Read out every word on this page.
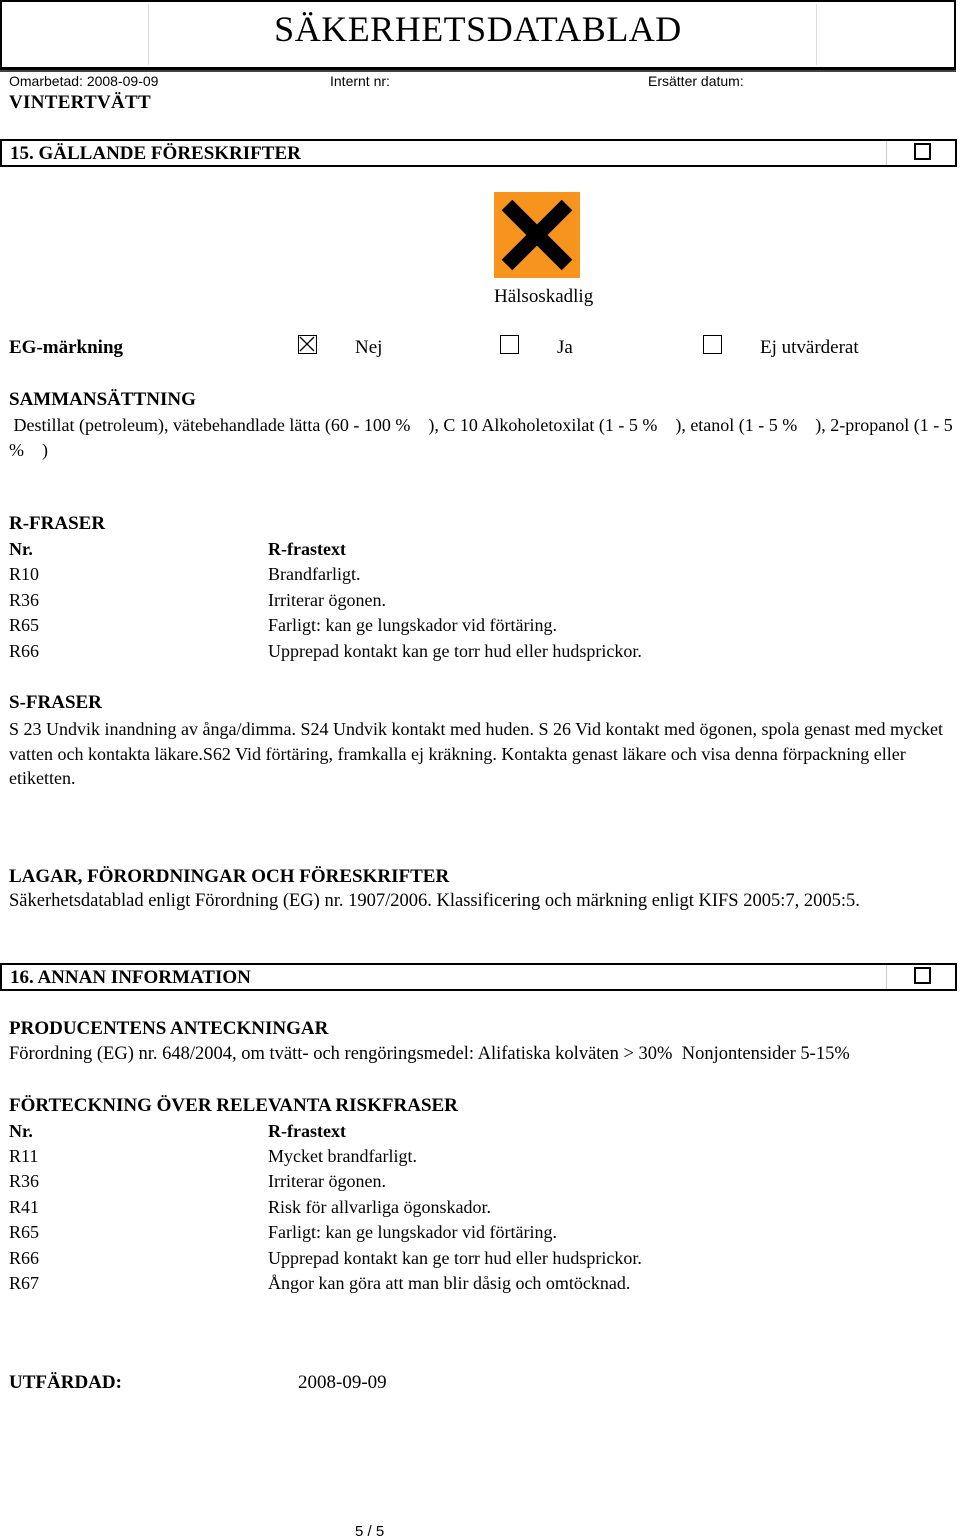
SÄKERHETSDATABLAD
Omarbetad: 2008-09-09	Internt nr:	Ersätter datum:
VINTERTVÄTT
15. GÄLLANDE FÖRESKRIFTER
Hälsoskadlig
EG-märkning	Nej	Ja	Ej utvärderat
SAMMANSÄTTNING
Destillat (petroleum), vätebehandlade lätta (60 - 100 %    ), C 10 Alkoholetoxilat (1 - 5 %    ), etanol (1 - 5 %    ), 2-propanol (1 - 5 %    )
R-FRASER
Nr.	R-frastext
R10	Brandfarligt.
R36	Irriterar ögonen.
R65	Farligt: kan ge lungskador vid förtäring.
R66	Upprepad kontakt kan ge torr hud eller hudsprickor.
S-FRASER
S 23 Undvik inandning av ånga/dimma. S24 Undvik kontakt med huden. S 26 Vid kontakt med ögonen, spola genast med mycket vatten och kontakta läkare.S62 Vid förtäring, framkalla ej kräkning. Kontakta genast läkare och visa denna förpackning eller etiketten.
LAGAR, FÖRORDNINGAR OCH FÖRESKRIFTER
Säkerhetsdatablad enligt Förordning (EG) nr. 1907/2006. Klassificering och märkning enligt KIFS 2005:7, 2005:5.
16. ANNAN INFORMATION
PRODUCENTENS ANTECKNINGAR
Förordning (EG) nr. 648/2004, om tvätt- och rengöringsmedel: Alifatiska kolväten > 30%  Nonjontensider 5-15%
FÖRTECKNING ÖVER RELEVANTA RISKFRASER
Nr.	R-frastext
R11	Mycket brandfarligt.
R36	Irriterar ögonen.
R41	Risk för allvarliga ögonskador.
R65	Farligt: kan ge lungskador vid förtäring.
R66	Upprepad kontakt kan ge torr hud eller hudsprickor.
R67	Ångor kan göra att man blir dåsig och omtöcknad.
UTFÄRDAD:	2008-09-09
5 / 5
